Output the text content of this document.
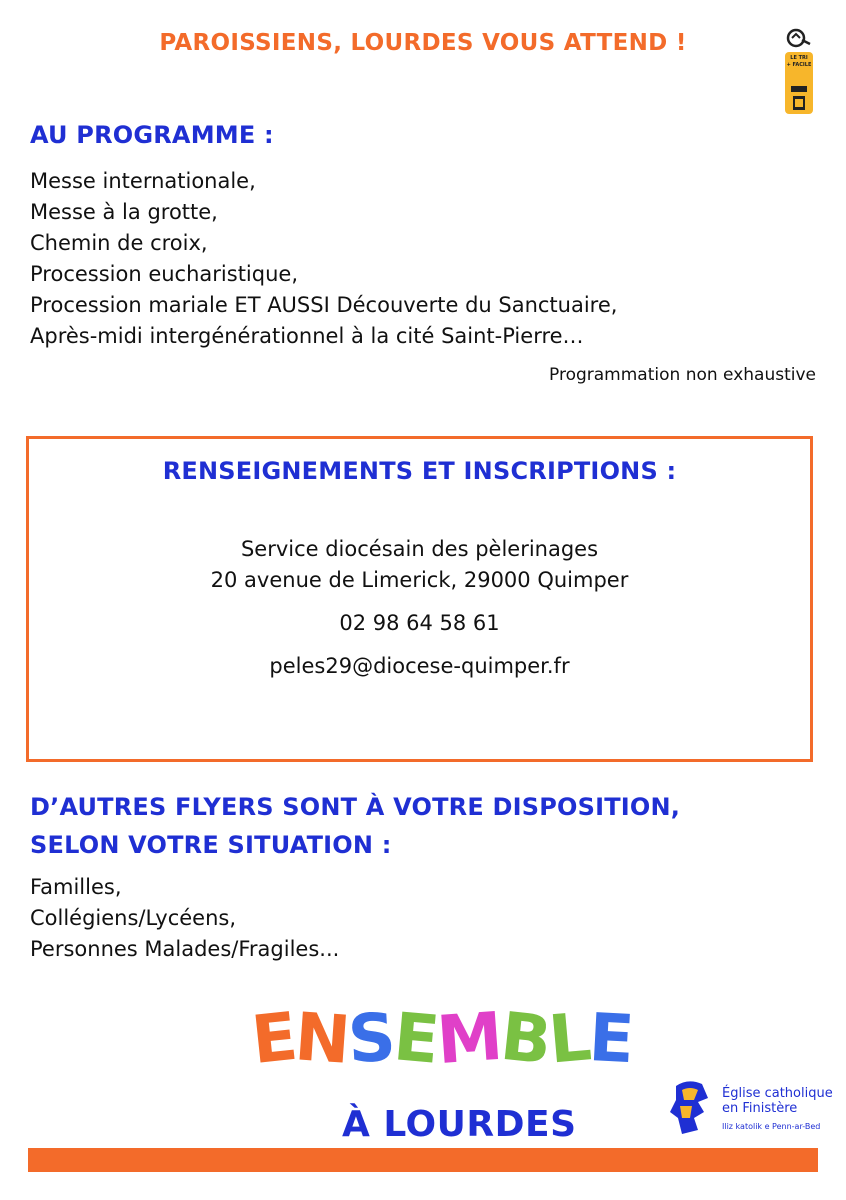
PAROISSIENS, LOURDES VOUS ATTEND !
LE TRI
+ FACILE
AU PROGRAMME :
Messe internationale,
Messe à la grotte,
Chemin de croix,
Procession eucharistique,
Procession mariale ET AUSSI Découverte du Sanctuaire,
Après-midi intergénérationnel à la cité Saint-Pierre…
Programmation non exhaustive
RENSEIGNEMENTS ET INSCRIPTIONS :
Service diocésain des pèlerinages
20 avenue de Limerick, 29000 Quimper
02 98 64 58 61
peles29@diocese-quimper.fr
D’AUTRES FLYERS SONT À VOTRE DISPOSITION,
SELON VOTRE SITUATION :
Familles,
Collégiens/Lycéens,
Personnes Malades/Fragiles...
ENSEMBLE
À LOURDES
Église catholique
en Finistère
Iliz katolik e Penn-ar-Bed
